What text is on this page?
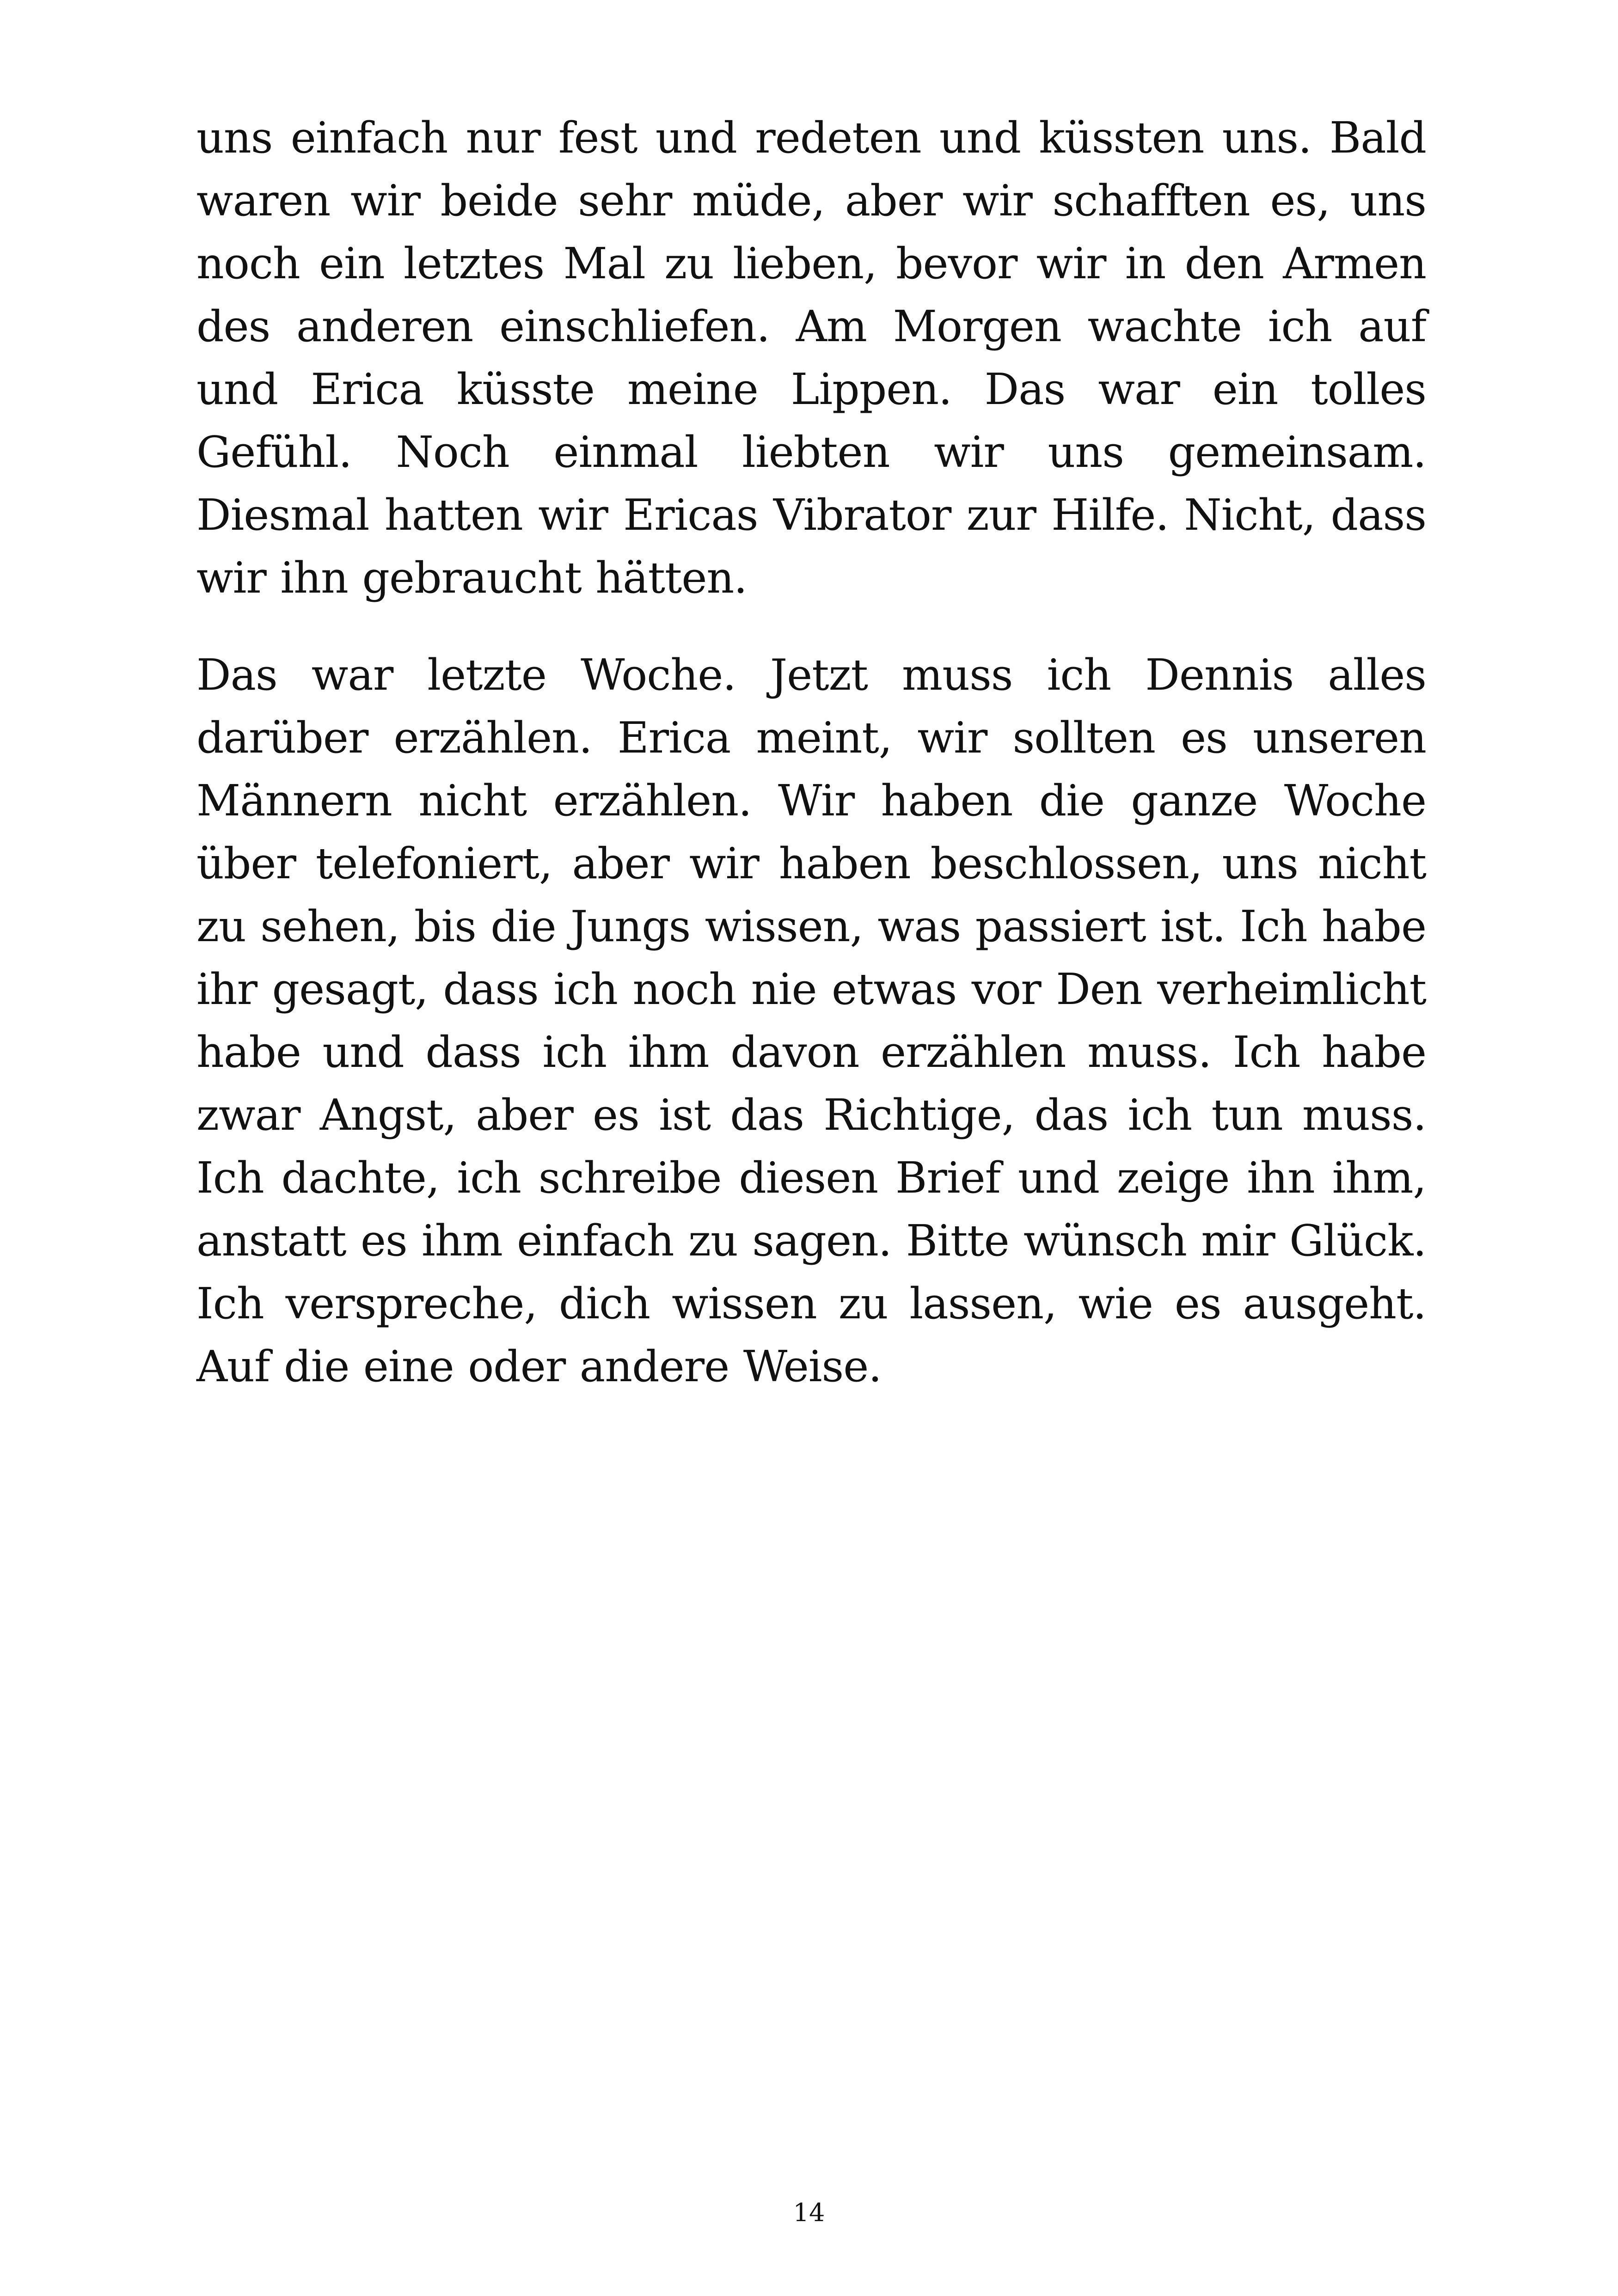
uns einfach nur fest und redeten und küssten uns. Bald waren wir beide sehr müde, aber wir schafften es, uns noch ein letztes Mal zu lieben, bevor wir in den Armen des anderen einschliefen. Am Morgen wachte ich auf und Erica küsste meine Lippen. Das war ein tolles Gefühl. Noch einmal liebten wir uns gemeinsam. Diesmal hatten wir Ericas Vibrator zur Hilfe. Nicht, dass wir ihn gebraucht hätten.

Das war letzte Woche. Jetzt muss ich Dennis alles darüber erzählen. Erica meint, wir sollten es unseren Männern nicht erzählen. Wir haben die ganze Woche über telefoniert, aber wir haben beschlossen, uns nicht zu sehen, bis die Jungs wissen, was passiert ist. Ich habe ihr gesagt, dass ich noch nie etwas vor Den verheimlicht habe und dass ich ihm davon erzählen muss. Ich habe zwar Angst, aber es ist das Richtige, das ich tun muss. Ich dachte, ich schreibe diesen Brief und zeige ihn ihm, anstatt es ihm einfach zu sagen. Bitte wünsch mir Glück. Ich verspreche, dich wissen zu lassen, wie es ausgeht. Auf die eine oder andere Weise.

14
